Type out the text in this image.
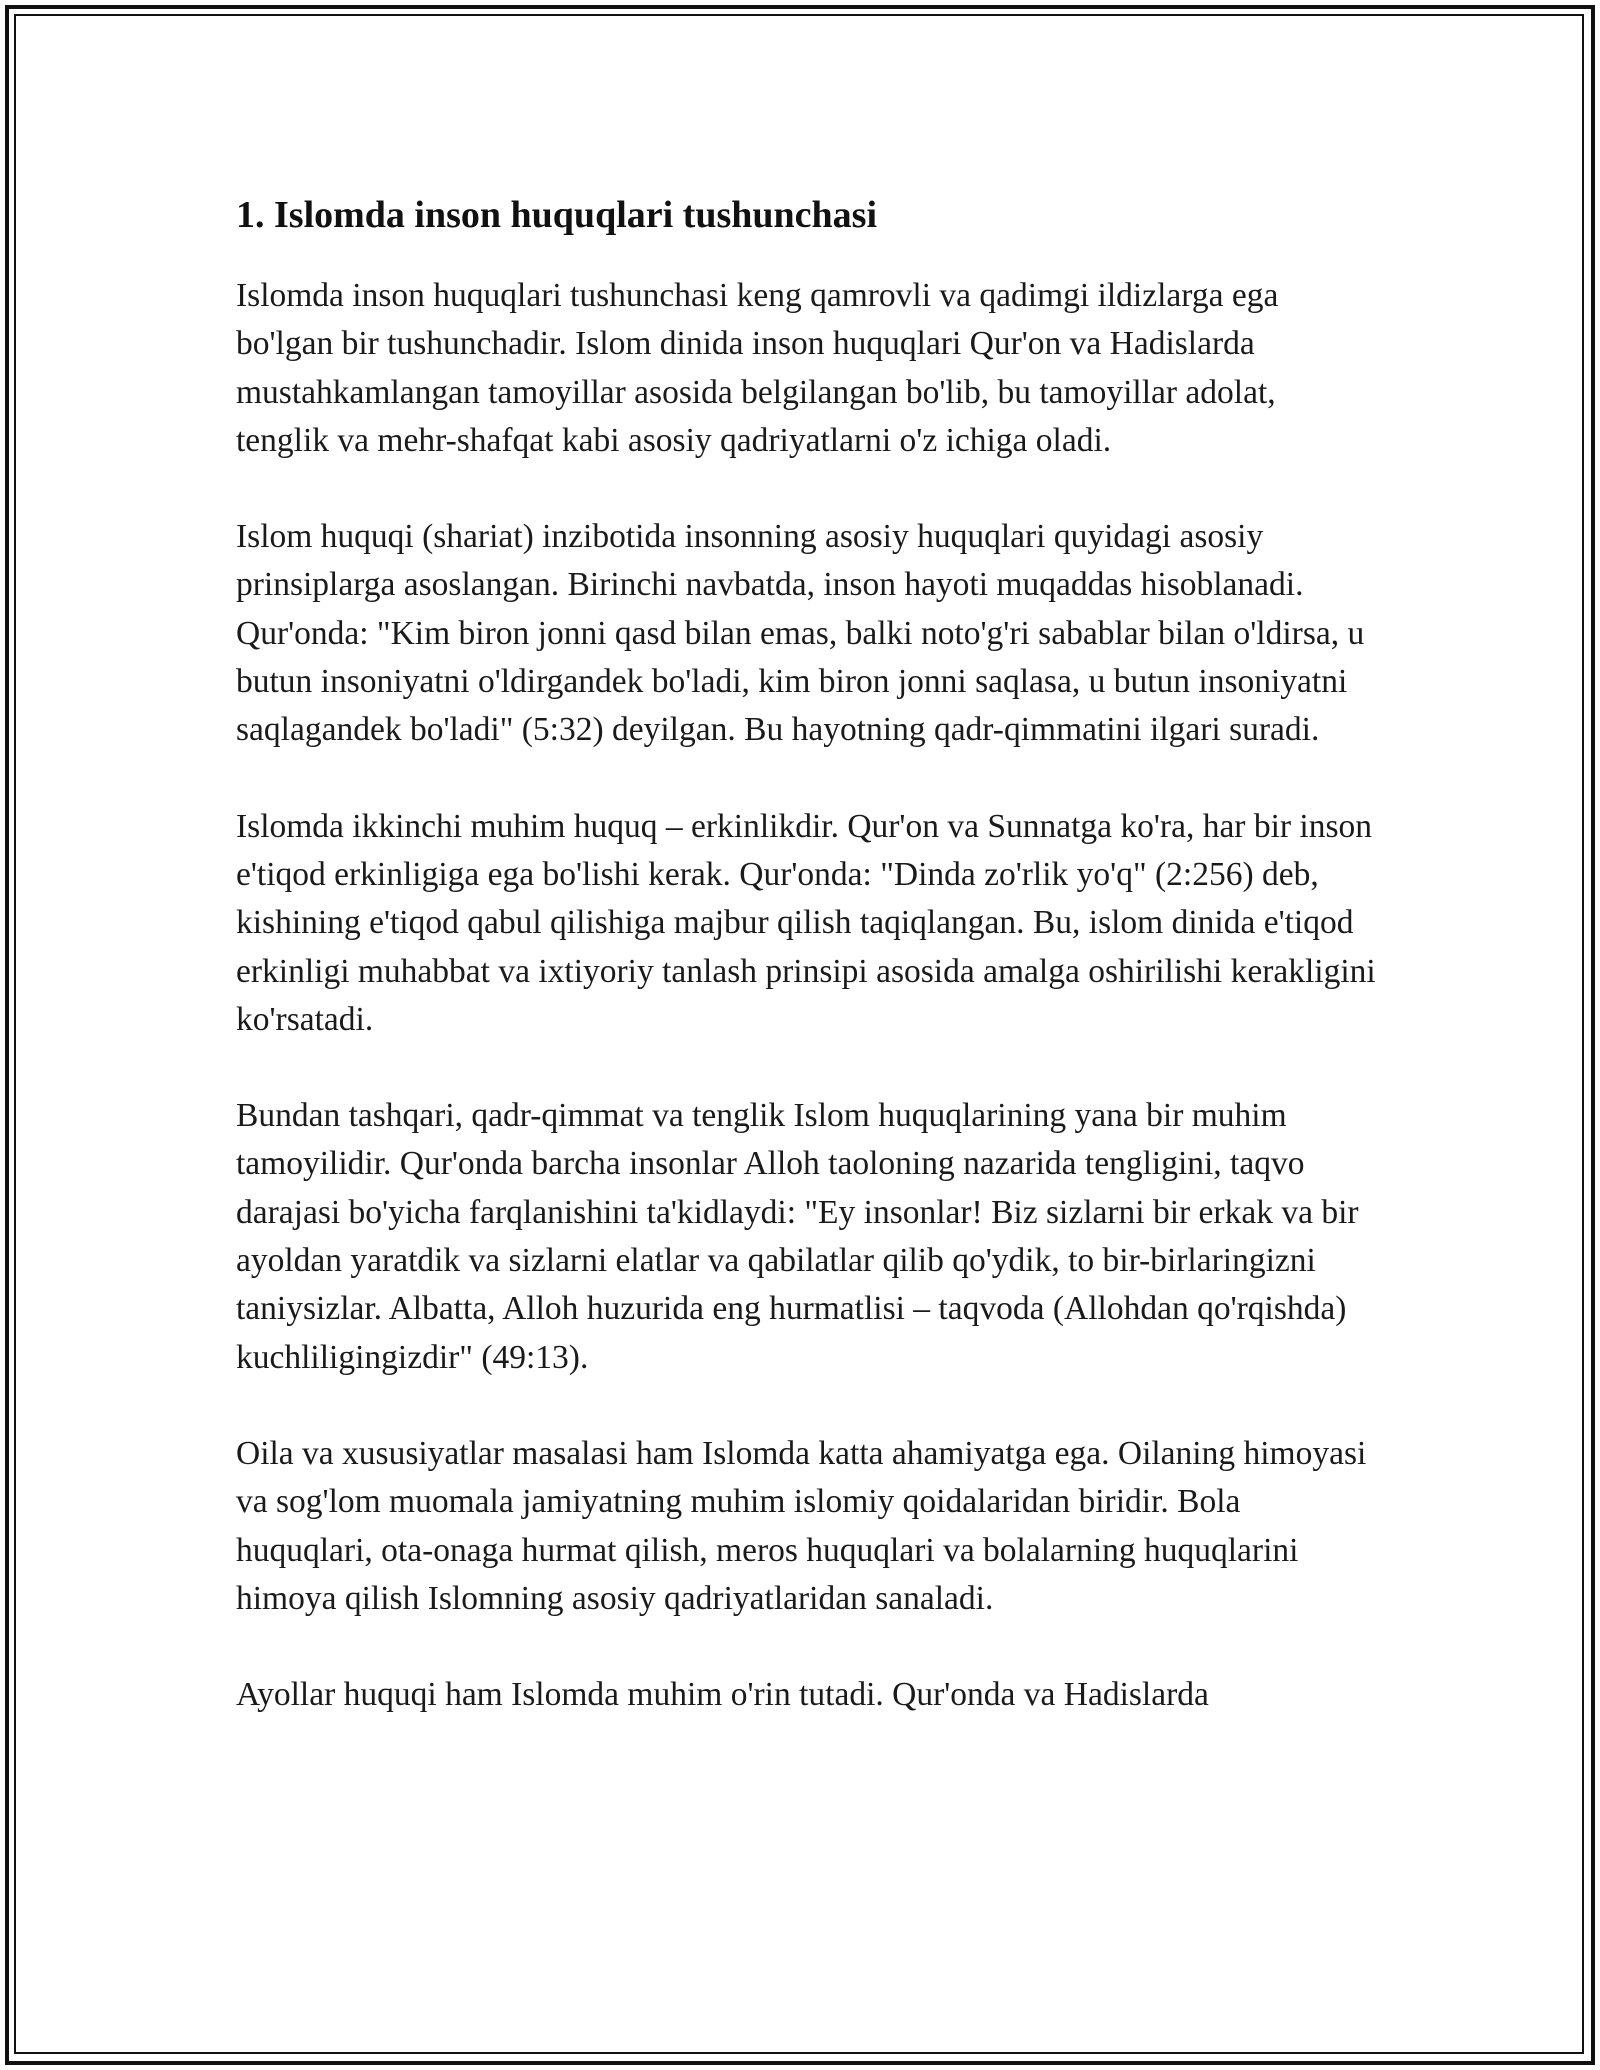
1. Islomda inson huquqlari tushunchasi

Islomda inson huquqlari tushunchasi keng qamrovli va qadimgi ildizlarga ega bo'lgan bir tushunchadir. Islom dinida inson huquqlari Qur'on va Hadislarda mustahkamlangan tamoyillar asosida belgilangan bo'lib, bu tamoyillar adolat, tenglik va mehr-shafqat kabi asosiy qadriyatlarni o'z ichiga oladi.

Islom huquqi (shariat) inzibotida insonning asosiy huquqlari quyidagi asosiy prinsiplarga asoslangan. Birinchi navbatda, inson hayoti muqaddas hisoblanadi. Qur'onda: "Kim biron jonni qasd bilan emas, balki noto'g'ri sabablar bilan o'ldirsa, u butun insoniyatni o'ldirgandek bo'ladi, kim biron jonni saqlasa, u butun insoniyatni saqlagandek bo'ladi" (5:32) deyilgan. Bu hayotning qadr-qimmatini ilgari suradi.

Islomda ikkinchi muhim huquq – erkinlikdir. Qur'on va Sunnatga ko'ra, har bir inson e'tiqod erkinligiga ega bo'lishi kerak. Qur'onda: "Dinda zo'rlik yo'q" (2:256) deb, kishining e'tiqod qabul qilishiga majbur qilish taqiqlangan. Bu, islom dinida e'tiqod erkinligi muhabbat va ixtiyoriy tanlash prinsipi asosida amalga oshirilishi kerakligini ko'rsatadi.

Bundan tashqari, qadr-qimmat va tenglik Islom huquqlarining yana bir muhim tamoyilidir. Qur'onda barcha insonlar Alloh taoloning nazarida tengligini, taqvo darajasi bo'yicha farqlanishini ta'kidlaydi: "Ey insonlar! Biz sizlarni bir erkak va bir ayoldan yaratdik va sizlarni elatlar va qabilatlar qilib qo'ydik, to bir-birlaringizni taniysizlar. Albatta, Alloh huzurida eng hurmatlisi – taqvoda (Allohdan qo'rqishda) kuchliligingizdir" (49:13).

Oila va xususiyatlar masalasi ham Islomda katta ahamiyatga ega. Oilaning himoyasi va sog'lom muomala jamiyatning muhim islomiy qoidalaridan biridir. Bola huquqlari, ota-onaga hurmat qilish, meros huquqlari va bolalarning huquqlarini himoya qilish Islomning asosiy qadriyatlaridan sanaladi.

Ayollar huquqi ham Islomda muhim o'rin tutadi. Qur'onda va Hadislarda
